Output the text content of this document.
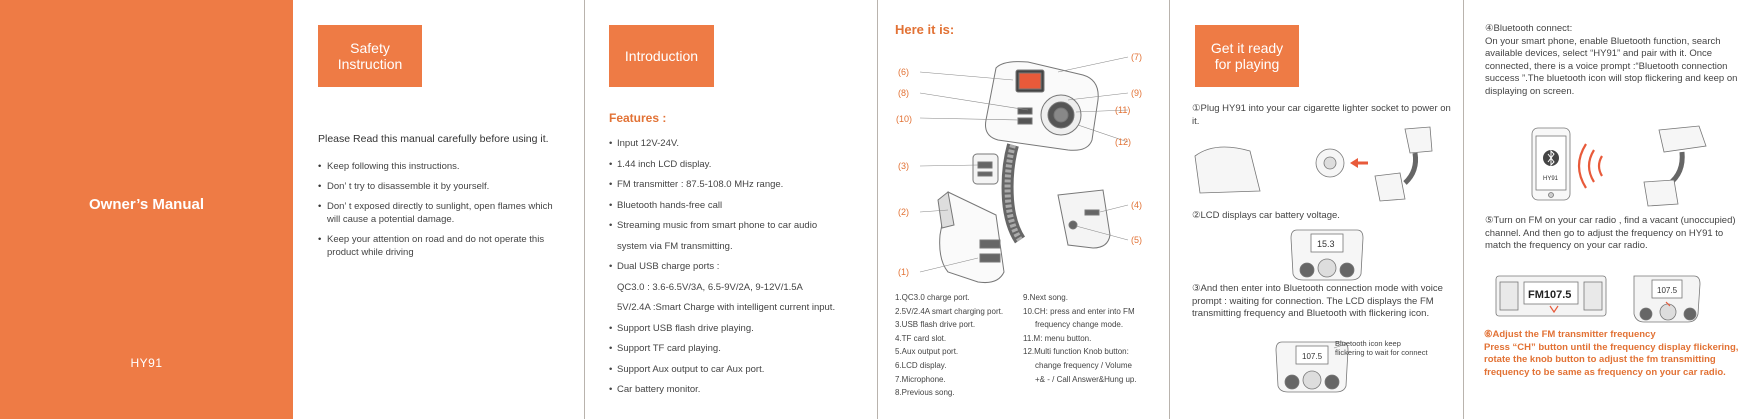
Owner’s Manual
HY91
Safety
Instruction
Please Read this manual carefully before using it.
• Keep following this instructions.
• Don’ t try to disassemble it by yourself.
• Don’ t exposed directly to sunlight, open flames which will cause a potential damage.
• Keep your attention on road and do not operate this product while driving
Introduction
Features :
• Input 12V-24V.
• 1.44 inch LCD display.
• FM transmitter : 87.5-108.0 MHz range.
• Bluetooth hands-free call
• Streaming music from smart phone to car audio
system via FM transmitting.
• Dual USB charge ports :
QC3.0 : 3.6-6.5V/3A, 6.5-9V/2A, 9-12V/1.5A
5V/2.4A :Smart Charge with intelligent current input.
• Support USB flash drive playing.
• Support TF card playing.
• Support Aux output to car Aux port.
• Car battery monitor.
Here it is:
(6)
(8)
(10)
(3)
(2)
(1)
(7)
(9)
(11)
(12)
(4)
(5)
1.QC3.0 charge port.
2.5V/2.4A smart charging port.
3.USB flash drive port.
4.TF card slot.
5.Aux output port.
6.LCD display.
7.Microphone.
8.Previous song.
9.Next song.
10.CH: press and enter into FM
frequency change mode.
11.M: menu button.
12.Multi function Knob button:
change frequency / Volume
+& - / Call Answer&Hung up.
Get it ready
for playing
①Plug HY91 into your car cigarette lighter socket to power on it.
②LCD displays car battery voltage.
15.3
③And then enter into Bluetooth connection mode with voice prompt : waiting for connection. The LCD displays the FM transmitting frequency and Bluetooth with flickering icon.
107.5
Bluetooth icon keep
flickering to wait for connect
④Bluetooth connect:
On your smart phone, enable Bluetooth function, search available devices, select “HY91” and pair with it. Once connected, there is a voice prompt :“Bluetooth connection success ”.The bluetooth icon will stop flickering and keep on displaying on screen.
HY91
⑤Turn on FM on your car radio , find a vacant (unoccupied) channel. And then go to adjust the frequency on HY91 to match the frequency on your car radio.
FM107.5	107.5
⑥Adjust the FM transmitter frequency
Press “CH” button until the frequency display flickering, rotate the knob button to adjust the fm transmitting frequency to be same as frequency on your car radio.
